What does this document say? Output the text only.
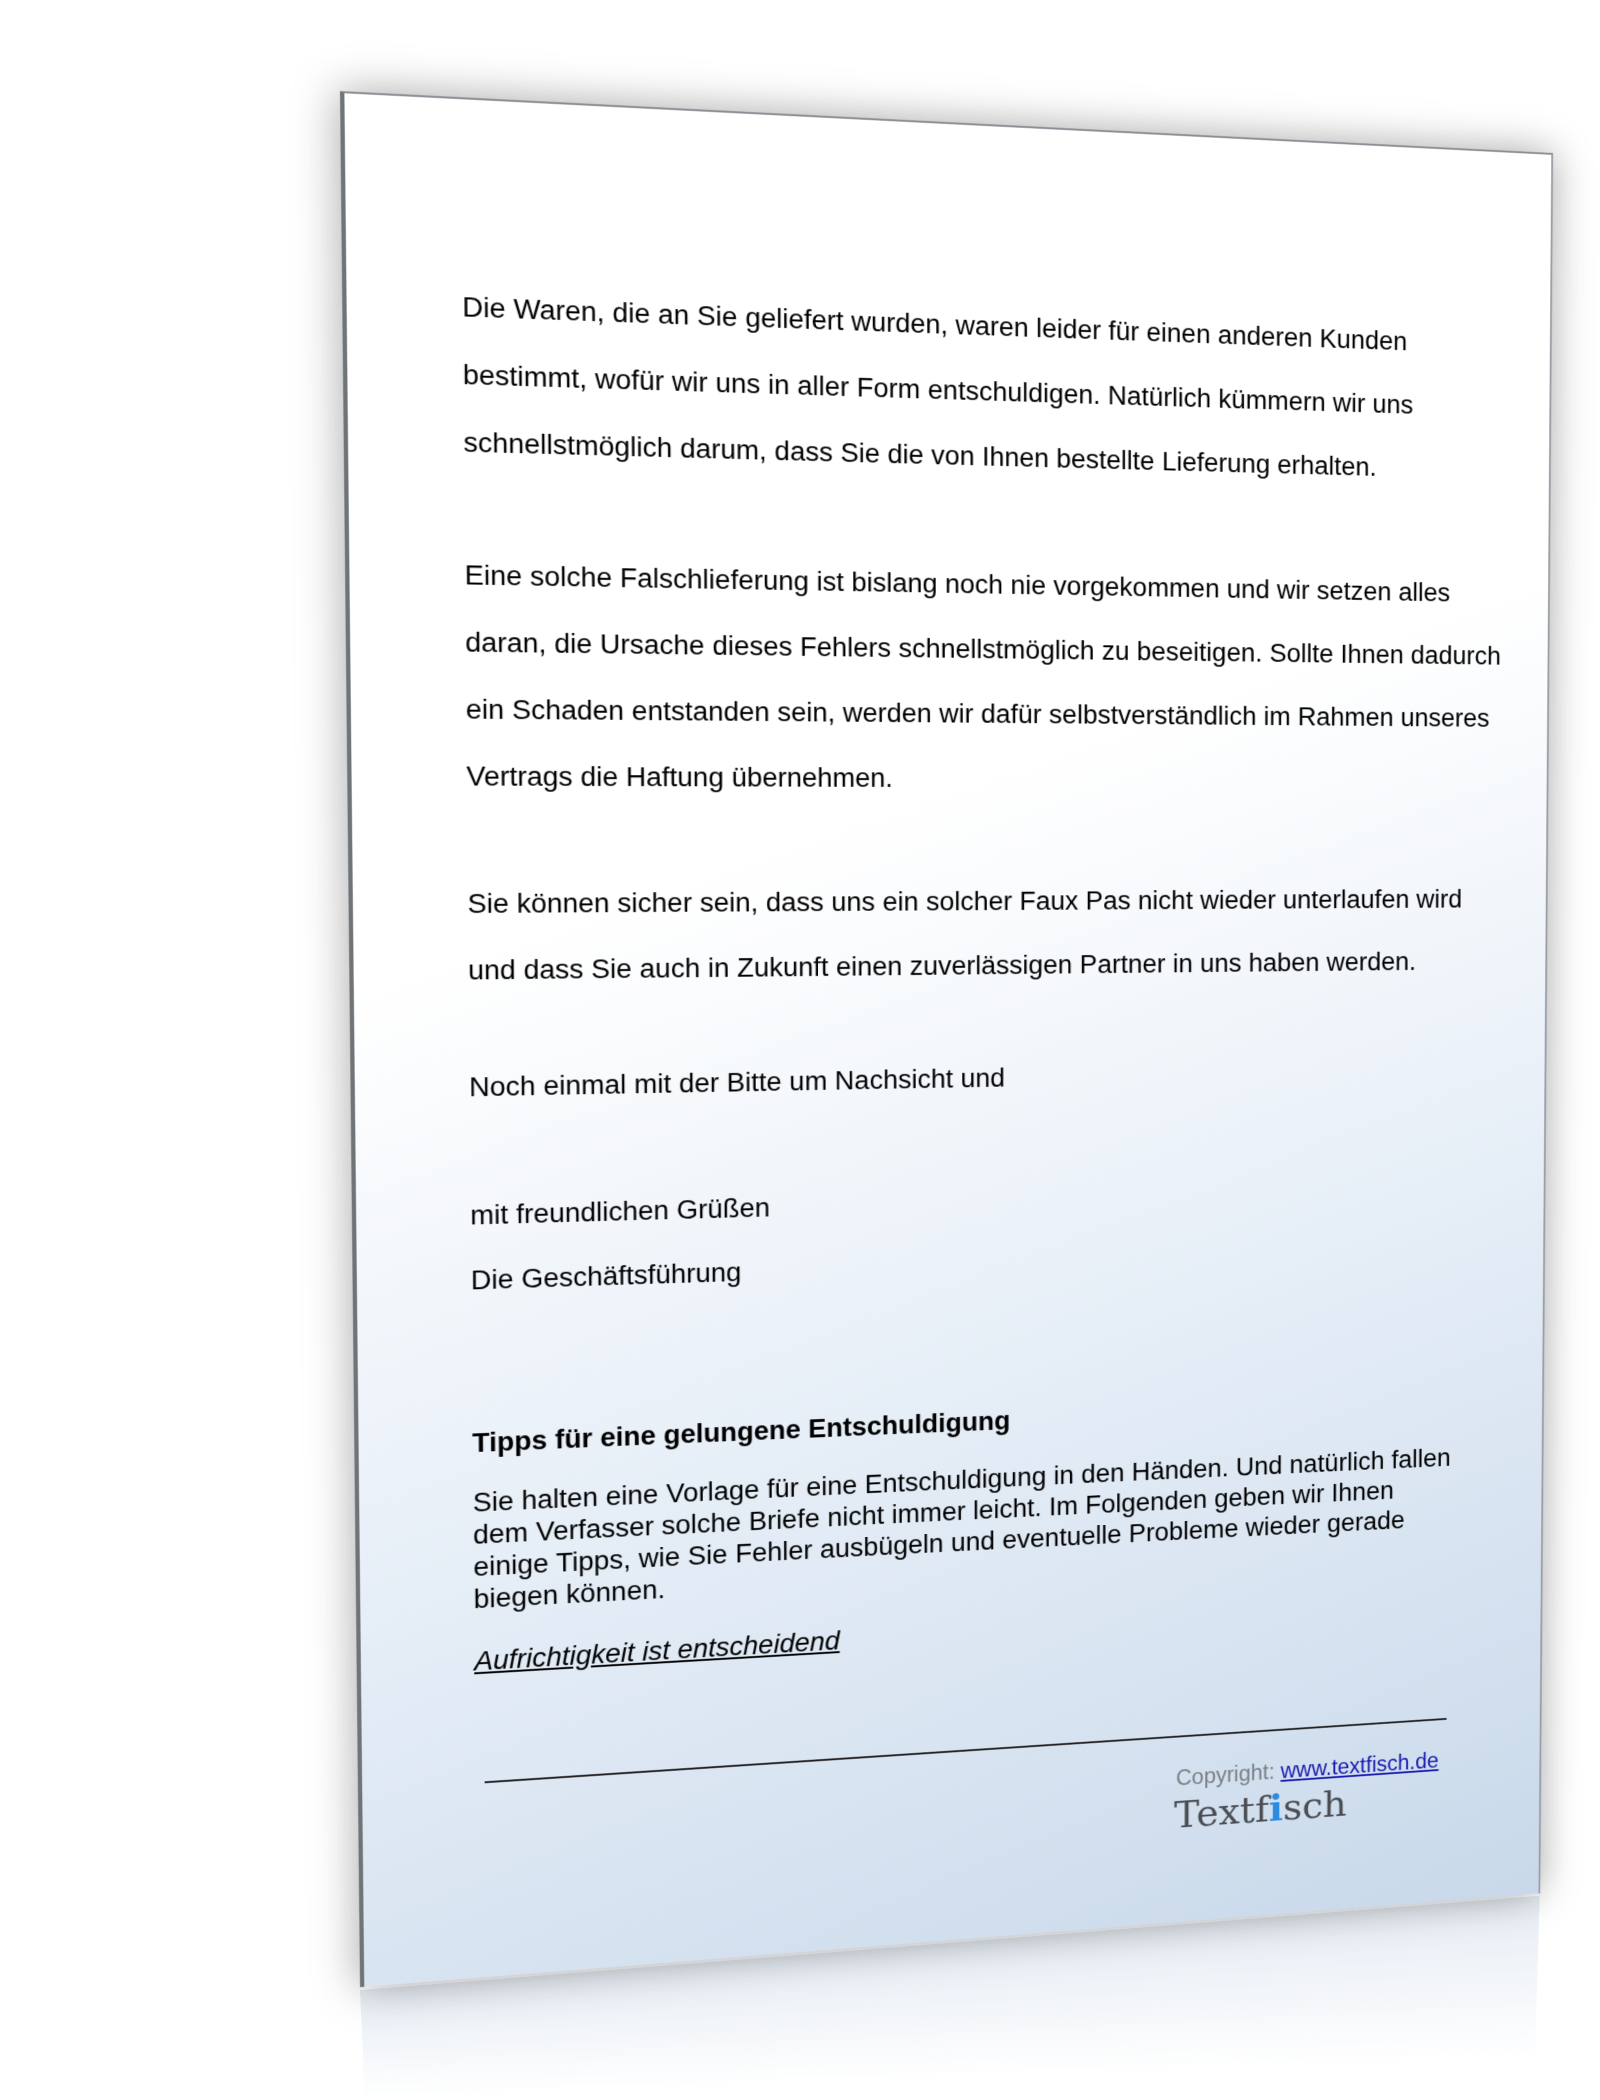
Die Waren, die an Sie geliefert wurden, waren leider für einen anderen Kunden
bestimmt, wofür wir uns in aller Form entschuldigen. Natürlich kümmern wir uns
schnellstmöglich darum, dass Sie die von Ihnen bestellte Lieferung erhalten.
Eine solche Falschlieferung ist bislang noch nie vorgekommen und wir setzen alles
daran, die Ursache dieses Fehlers schnellstmöglich zu beseitigen. Sollte Ihnen dadurch
ein Schaden entstanden sein, werden wir dafür selbstverständlich im Rahmen unseres
Vertrags die Haftung übernehmen.
Sie können sicher sein, dass uns ein solcher Faux Pas nicht wieder unterlaufen wird
und dass Sie auch in Zukunft einen zuverlässigen Partner in uns haben werden.
Noch einmal mit der Bitte um Nachsicht und
mit freundlichen Grüßen
Die Geschäftsführung
Tipps für eine gelungene Entschuldigung
Sie halten eine Vorlage für eine Entschuldigung in den Händen. Und natürlich fallen dem Verfasser solche Briefe nicht immer leicht. Im Folgenden geben wir Ihnen einige Tipps, wie Sie Fehler ausbügeln und eventuelle Probleme wieder gerade biegen können.
Aufrichtigkeit ist entscheidend
Copyright: www.textfisch.de
Textfisch
